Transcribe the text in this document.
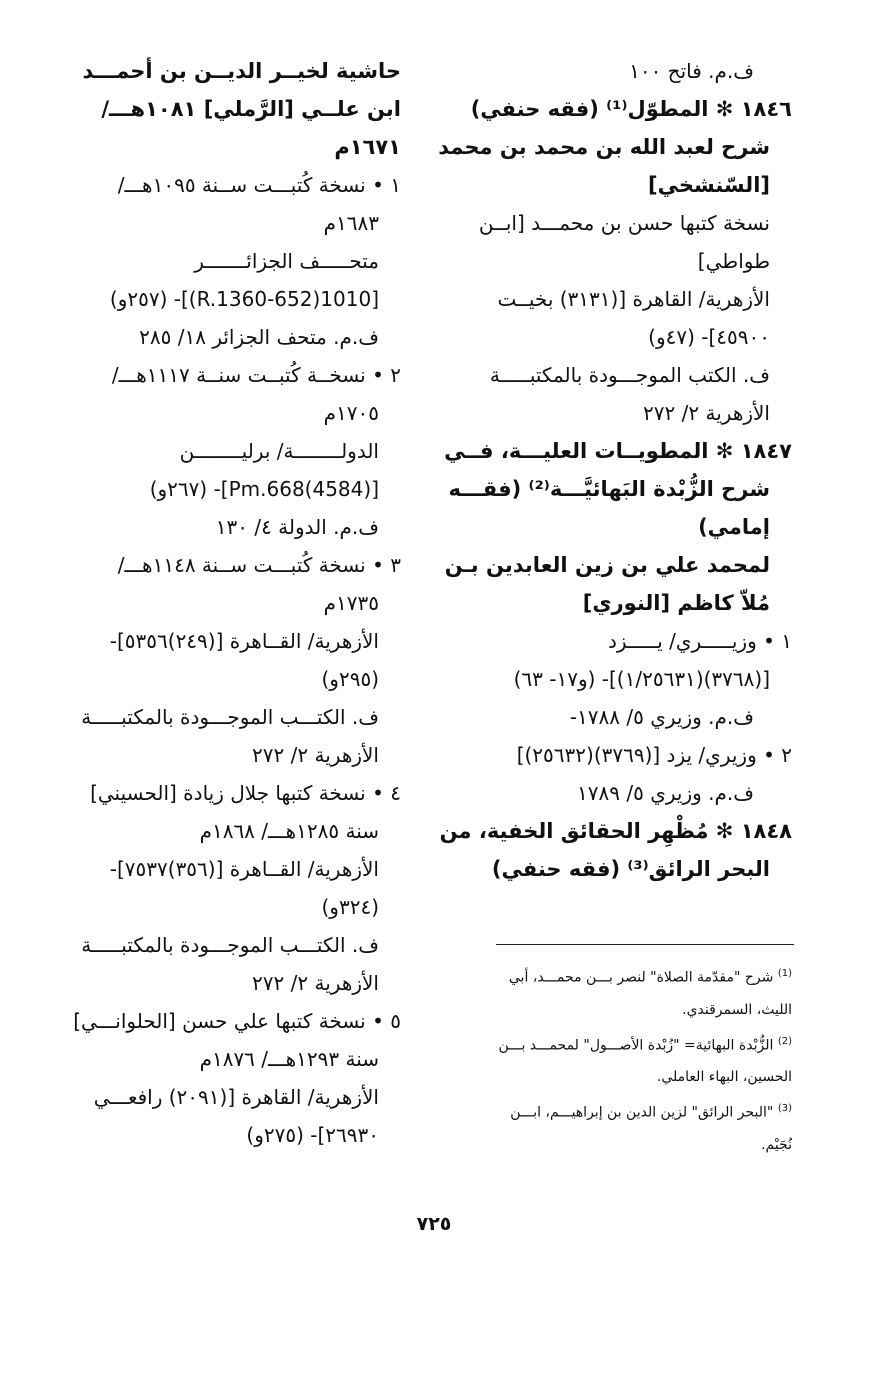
ف.م. فاتح ١٠٠
١٨٤٦ ✻ المطوّل⁽¹⁾ (فقه حنفي)
شرح لعبد الله بن محمد بن محمد
[السّنشخي]
نسخة كتبها حسن بن محمـــد [ابــن
طواطي]
الأزهرية/ القاهرة [(٣١٣١) بخيــت
٤٥٩٠٠]- (٤٧و)
ف. الكتب الموجـــودة بالمكتبـــــة
الأزهرية ٢/ ٢٧٢
١٨٤٧ ✻ المطويــات العليـــة، فــي
شرح الزُّبْدة البَهائيَّـــة⁽²⁾ (فقـــه
إمامي)
لمحمد علي بن زين العابدين بـن
مُلاّ كاظم [النوري]
١ • وزيـــــري/ يـــــزد
[(٣٧٦٨)(١/٢٥٦٣١)]- (و١٧- ٦٣)
ف.م. وزيري ٥/ ١٧٨٨-
٢ • وزيري/ يزد [(٣٧٦٩)(٢٥٦٣٢)]
ف.م. وزيري ٥/ ١٧٨٩
١٨٤٨ ✻ مُظْهِر الحقائق الخفية، من
البحر الرائق⁽³⁾ (فقه حنفي)
حاشية لخيــر الديــن بن أحمـــد
ابن علــي [الرَّملي] ١٠٨١هـــ/
١٦٧١م
١ • نسخة كُتبـــت ســنة ١٠٩٥هـــ/
١٦٨٣م
متحـــــف الجزائـــــــر
[1010(652-R.1360)]- (٢٥٧و)
ف.م. متحف الجزائر ١٨/ ٢٨٥
٢ • نسخــة كُتبــت سنــة ١١١٧هـــ/
١٧٠٥م
الدولــــــــة/ برليــــــــن
[(4584)Pm.668]- (٢٦٧و)
ف.م. الدولة ٤/ ١٣٠
٣ • نسخة كُتبـــت ســنة ١١٤٨هـــ/
١٧٣٥م
الأزهرية/ القــاهرة [(٢٤٩)٥٣٥٦]-
(٢٩٥و)
ف. الكتـــب الموجـــودة بالمكتبـــــة
الأزهرية ٢/ ٢٧٢
٤ • نسخة كتبها جلال زيادة [الحسيني]
سنة ١٢٨٥هـــ/ ١٨٦٨م
الأزهرية/ القــاهرة [(٣٥٦)٧٥٣٧]-
(٣٢٤و)
ف. الكتـــب الموجـــودة بالمكتبـــــة
الأزهرية ٢/ ٢٧٢
٥ • نسخة كتبها علي حسن [الحلوانـــي]
سنة ١٢٩٣هـــ/ ١٨٧٦م
الأزهرية/ القاهرة [(٢٠٩١) رافعـــي
٢٦٩٣٠]- (٢٧٥و)
$^{(1)}$ شرح "مقدّمة الصلاة" لنصر بـــن محمـــد، أبي
الليث، السمرقندي.
$^{(2)}$ الزُّبْدة البهائية= "زُبْدة الأصـــول" لمحمـــد بـــن
الحسين، البهاء العاملي.
$^{(3)}$ "البحر الرائق" لزين الدين بن إبراهيـــم، ابـــن
نُجَيْم.
٧٢٥
